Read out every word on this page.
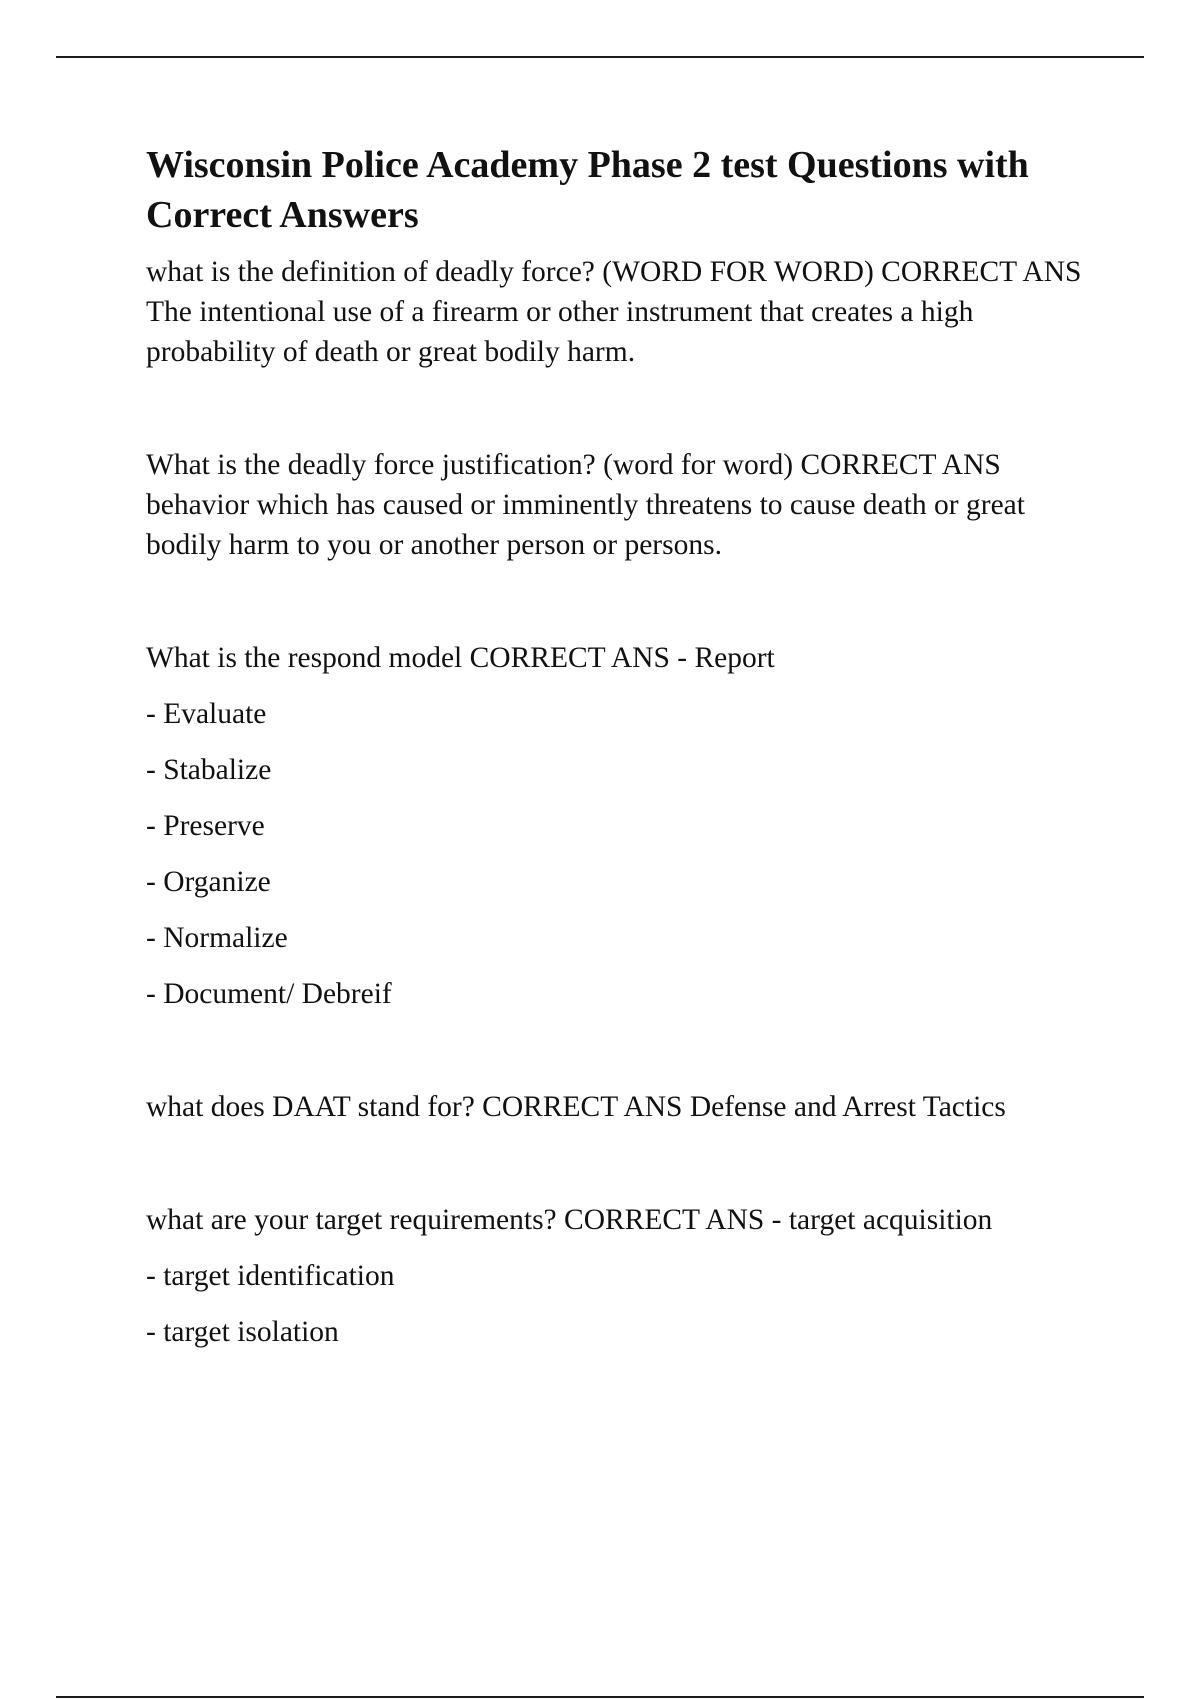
Wisconsin Police Academy Phase 2 test Questions with Correct Answers

what is the definition of deadly force? (WORD FOR WORD) CORRECT ANS The intentional use of a firearm or other instrument that creates a high probability of death or great bodily harm.

What is the deadly force justification? (word for word) CORRECT ANS behavior which has caused or imminently threatens to cause death or great bodily harm to you or another person or persons.

What is the respond model CORRECT ANS - Report

- Evaluate

- Stabalize

- Preserve

- Organize

- Normalize

- Document/ Debreif

what does DAAT stand for? CORRECT ANS Defense and Arrest Tactics

what are your target requirements? CORRECT ANS - target acquisition

- target identification

- target isolation
